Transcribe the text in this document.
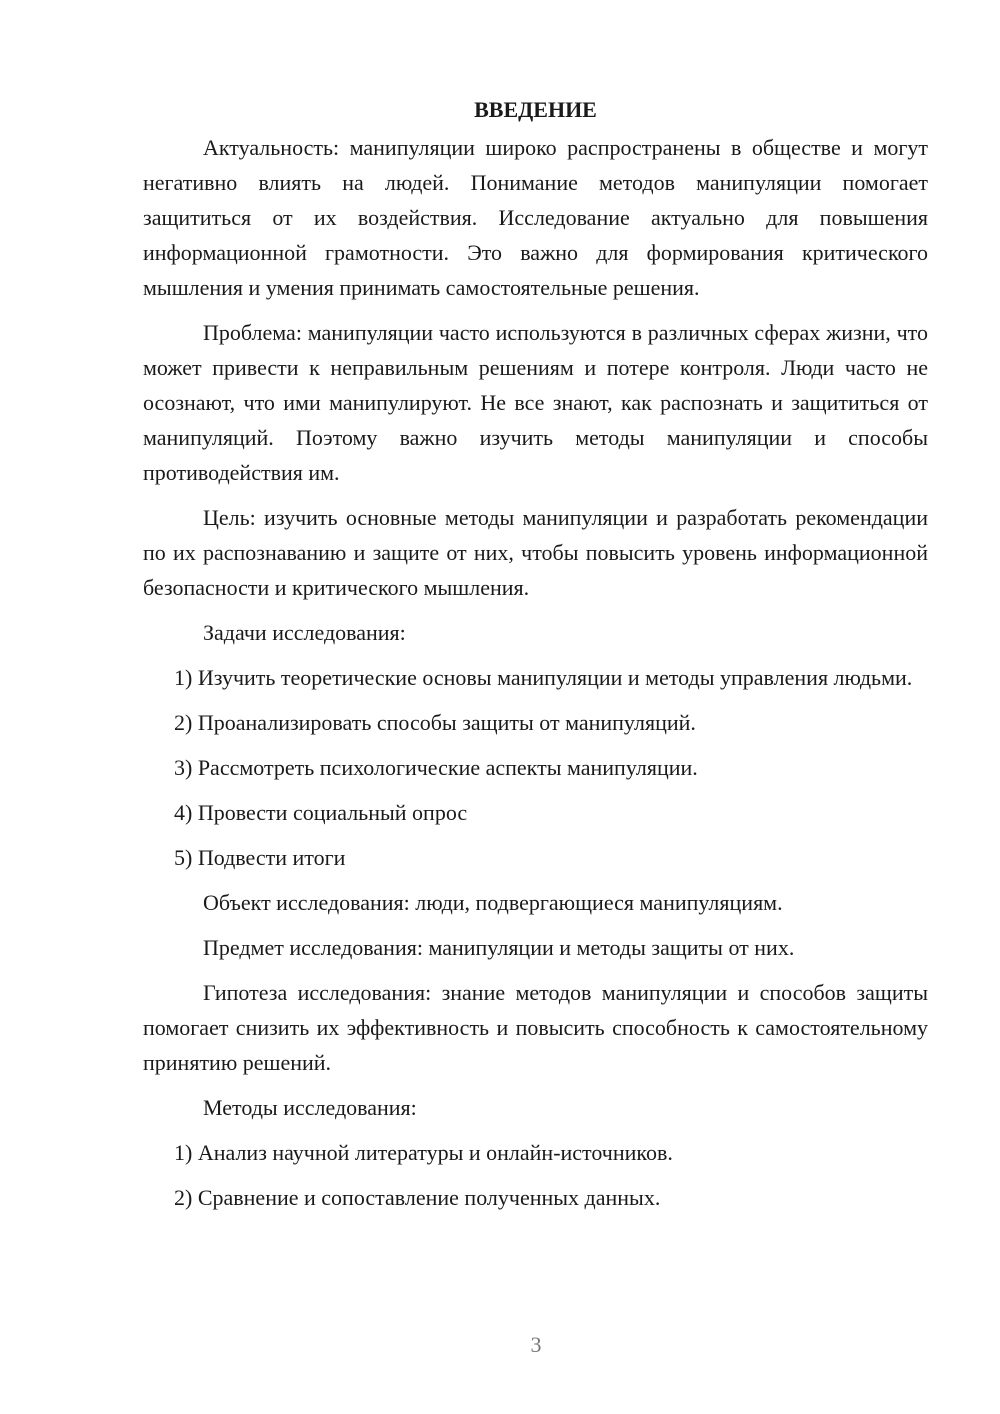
ВВЕДЕНИЕ

Актуальность: манипуляции широко распространены в обществе и могут негативно влиять на людей. Понимание методов манипуляции помогает защититься от их воздействия. Исследование актуально для повышения информационной грамотности. Это важно для формирования критического мышления и умения принимать самостоятельные решения.

Проблема: манипуляции часто используются в различных сферах жизни, что может привести к неправильным решениям и потере контроля. Люди часто не осознают, что ими манипулируют. Не все знают, как распознать и защититься от манипуляций. Поэтому важно изучить методы манипуляции и способы противодействия им.

Цель: изучить основные методы манипуляции и разработать рекомендации по их распознаванию и защите от них, чтобы повысить уровень информационной безопасности и критического мышления.

Задачи исследования:

1) Изучить теоретические основы манипуляции и методы управления людьми.

2) Проанализировать способы защиты от манипуляций.

3) Рассмотреть психологические аспекты манипуляции.

4) Провести социальный опрос

5) Подвести итоги

Объект исследования: люди, подвергающиеся манипуляциям.

Предмет исследования: манипуляции и методы защиты от них.

Гипотеза исследования: знание методов манипуляции и способов защиты помогает снизить их эффективность и повысить способность к самостоятельному принятию решений.

Методы исследования:

1) Анализ научной литературы и онлайн-источников.

2) Сравнение и сопоставление полученных данных.

3
